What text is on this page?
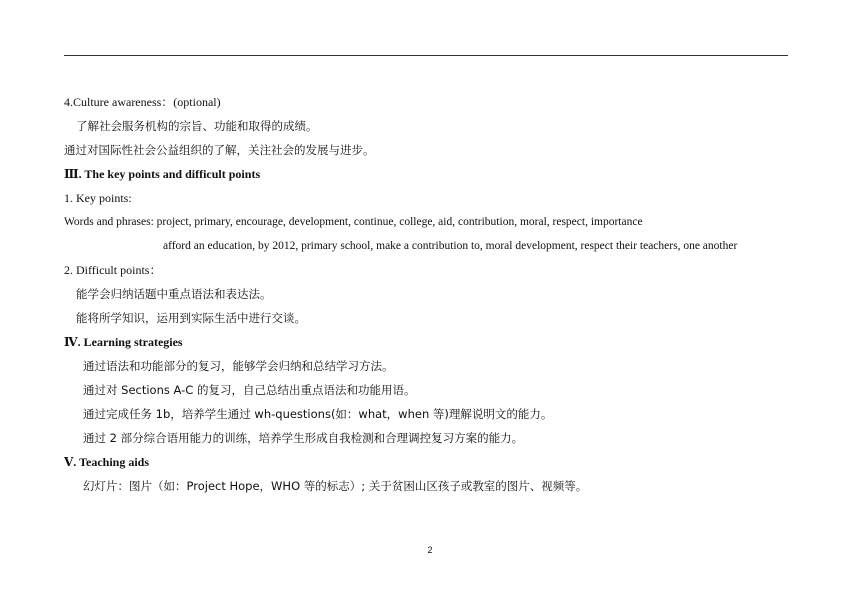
4.Culture awareness：(optional)
了解社会服务机构的宗旨、功能和取得的成绩。
通过对国际性社会公益组织的了解，关注社会的发展与进步。
Ⅲ. The key points and difficult points
1. Key points:
Words and phrases: project, primary, encourage, development, continue, college, aid, contribution, moral, respect, importance
afford an education, by 2012, primary school, make a contribution to, moral development, respect their teachers, one another
2. Difficult points：
能学会归纳话题中重点语法和表达法。
能将所学知识，运用到实际生活中进行交谈。
Ⅳ. Learning strategies
通过语法和功能部分的复习，能够学会归纳和总结学习方法。
通过对 Sections A-C 的复习，自己总结出重点语法和功能用语。
通过完成任务 1b，培养学生通过 wh-questions(如：what，when 等)理解说明文的能力。
通过 2 部分综合语用能力的训练，培养学生形成自我检测和合理调控复习方案的能力。
Ⅴ. Teaching aids
幻灯片：图片（如：Project Hope，WHO 等的标志）; 关于贫困山区孩子或教室的图片、视频等。
2
